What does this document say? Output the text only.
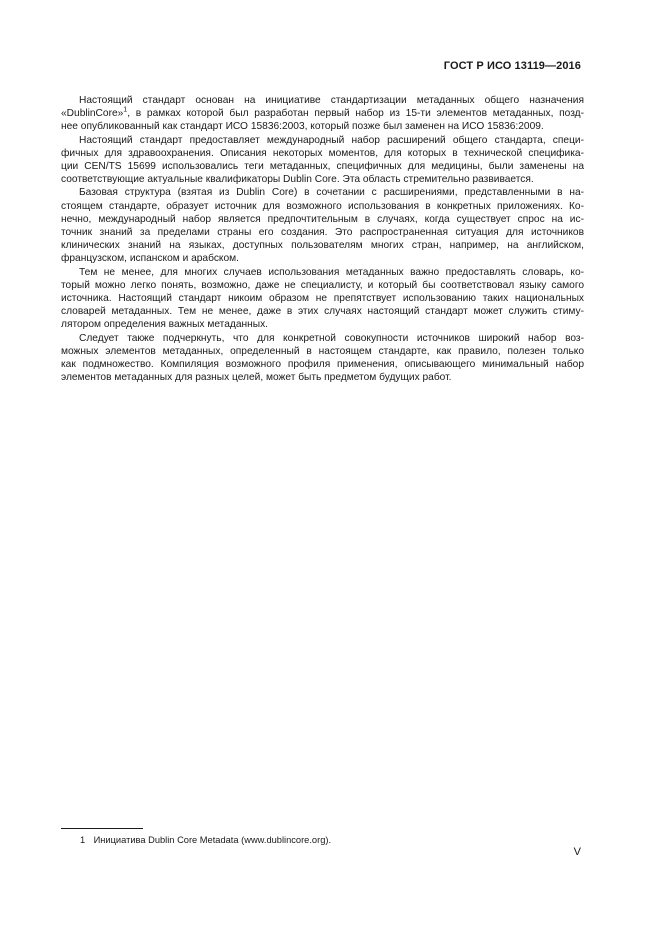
ГОСТ Р ИСО 13119—2016

Настоящий стандарт основан на инициативе стандартизации метаданных общего назначения
«DublinCore»$^1$, в рамках которой был разработан первый набор из 15-ти элементов метаданных, позд-
нее опубликованный как стандарт ИСО 15836:2003, который позже был заменен на ИСО 15836:2009.

Настоящий стандарт предоставляет международный набор расширений общего стандарта, специ-
фичных для здравоохранения. Описания некоторых моментов, для которых в технической специфика-
ции CEN/TS 15699 использовались теги метаданных, специфичных для медицины, были заменены на
соответствующие актуальные квалификаторы Dublin Core. Эта область стремительно развивается.

Базовая структура (взятая из Dublin Core) в сочетании с расширениями, представленными в на-
стоящем стандарте, образует источник для возможного использования в конкретных приложениях. Ко-
нечно, международный набор является предпочтительным в случаях, когда существует спрос на ис-
точник знаний за пределами страны его создания. Это распространенная ситуация для источников
клинических знаний на языках, доступных пользователям многих стран, например, на английском,
французском, испанском и арабском.

Тем не менее, для многих случаев использования метаданных важно предоставлять словарь, ко-
торый можно легко понять, возможно, даже не специалисту, и который бы соответствовал языку самого
источника. Настоящий стандарт никоим образом не препятствует использованию таких национальных
словарей метаданных. Тем не менее, даже в этих случаях настоящий стандарт может служить стиму-
лятором определения важных метаданных.

Следует также подчеркнуть, что для конкретной совокупности источников широкий набор воз-
можных элементов метаданных, определенный в настоящем стандарте, как правило, полезен только
как подмножество. Компиляция возможного профиля применения, описывающего минимальный набор
элементов метаданных для разных целей, может быть предметом будущих работ.

1 Инициатива Dublin Core Metadata (www.dublincore.org).
V
